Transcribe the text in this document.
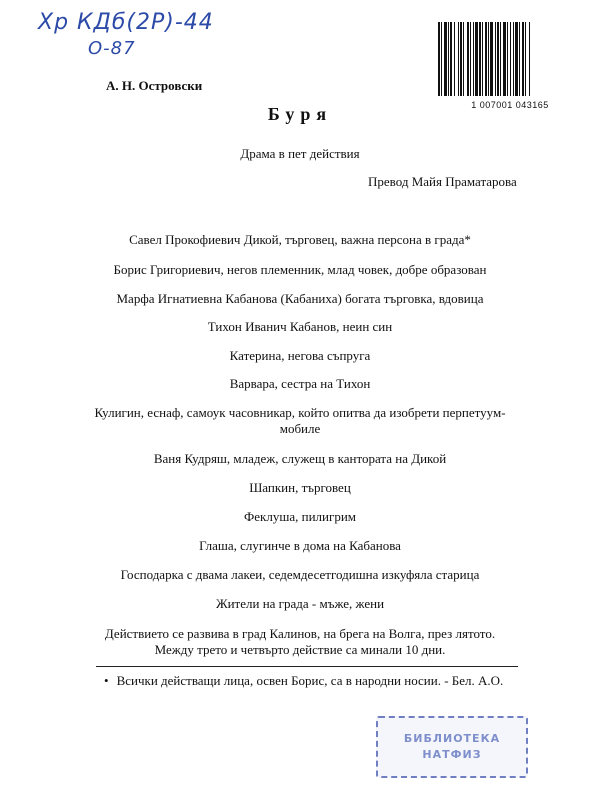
Хр КДб(2Р)-44
О-87
А. Н. Островски
1 007001 043165
Буря
Драма в пет действия
Превод Майя Праматарова
Савел Прокофиевич Дикой, търговец, важна персона в града*
Борис Григориевич, негов племенник, млад човек, добре образован
Марфа Игнатиевна Кабанова (Кабаниха) богата търговка, вдовица
Тихон Иванич Кабанов, неин син
Катерина, негова съпруга
Варвара, сестра на Тихон
Кулигин, еснаф, самоук часовникар, който опитва да изобрети перпетуум-мобиле
Ваня Кудряш, младеж, служещ в кантората на Дикой
Шапкин, търговец
Феклуша, пилигрим
Глаша, слугинче в дома на Кабанова
Господарка с двама лакеи, седемдесетгодишна изкуфяла старица
Жители на града - мъже, жени
Действието се развива в град Калинов, на брега на Волга, през лятото.
Между трето и четвърто действие са минали 10 дни.
• Всички действащи лица, освен Борис, са в народни носии. - Бел. А.О.
БИБЛИОТЕКА
НАТФИЗ
